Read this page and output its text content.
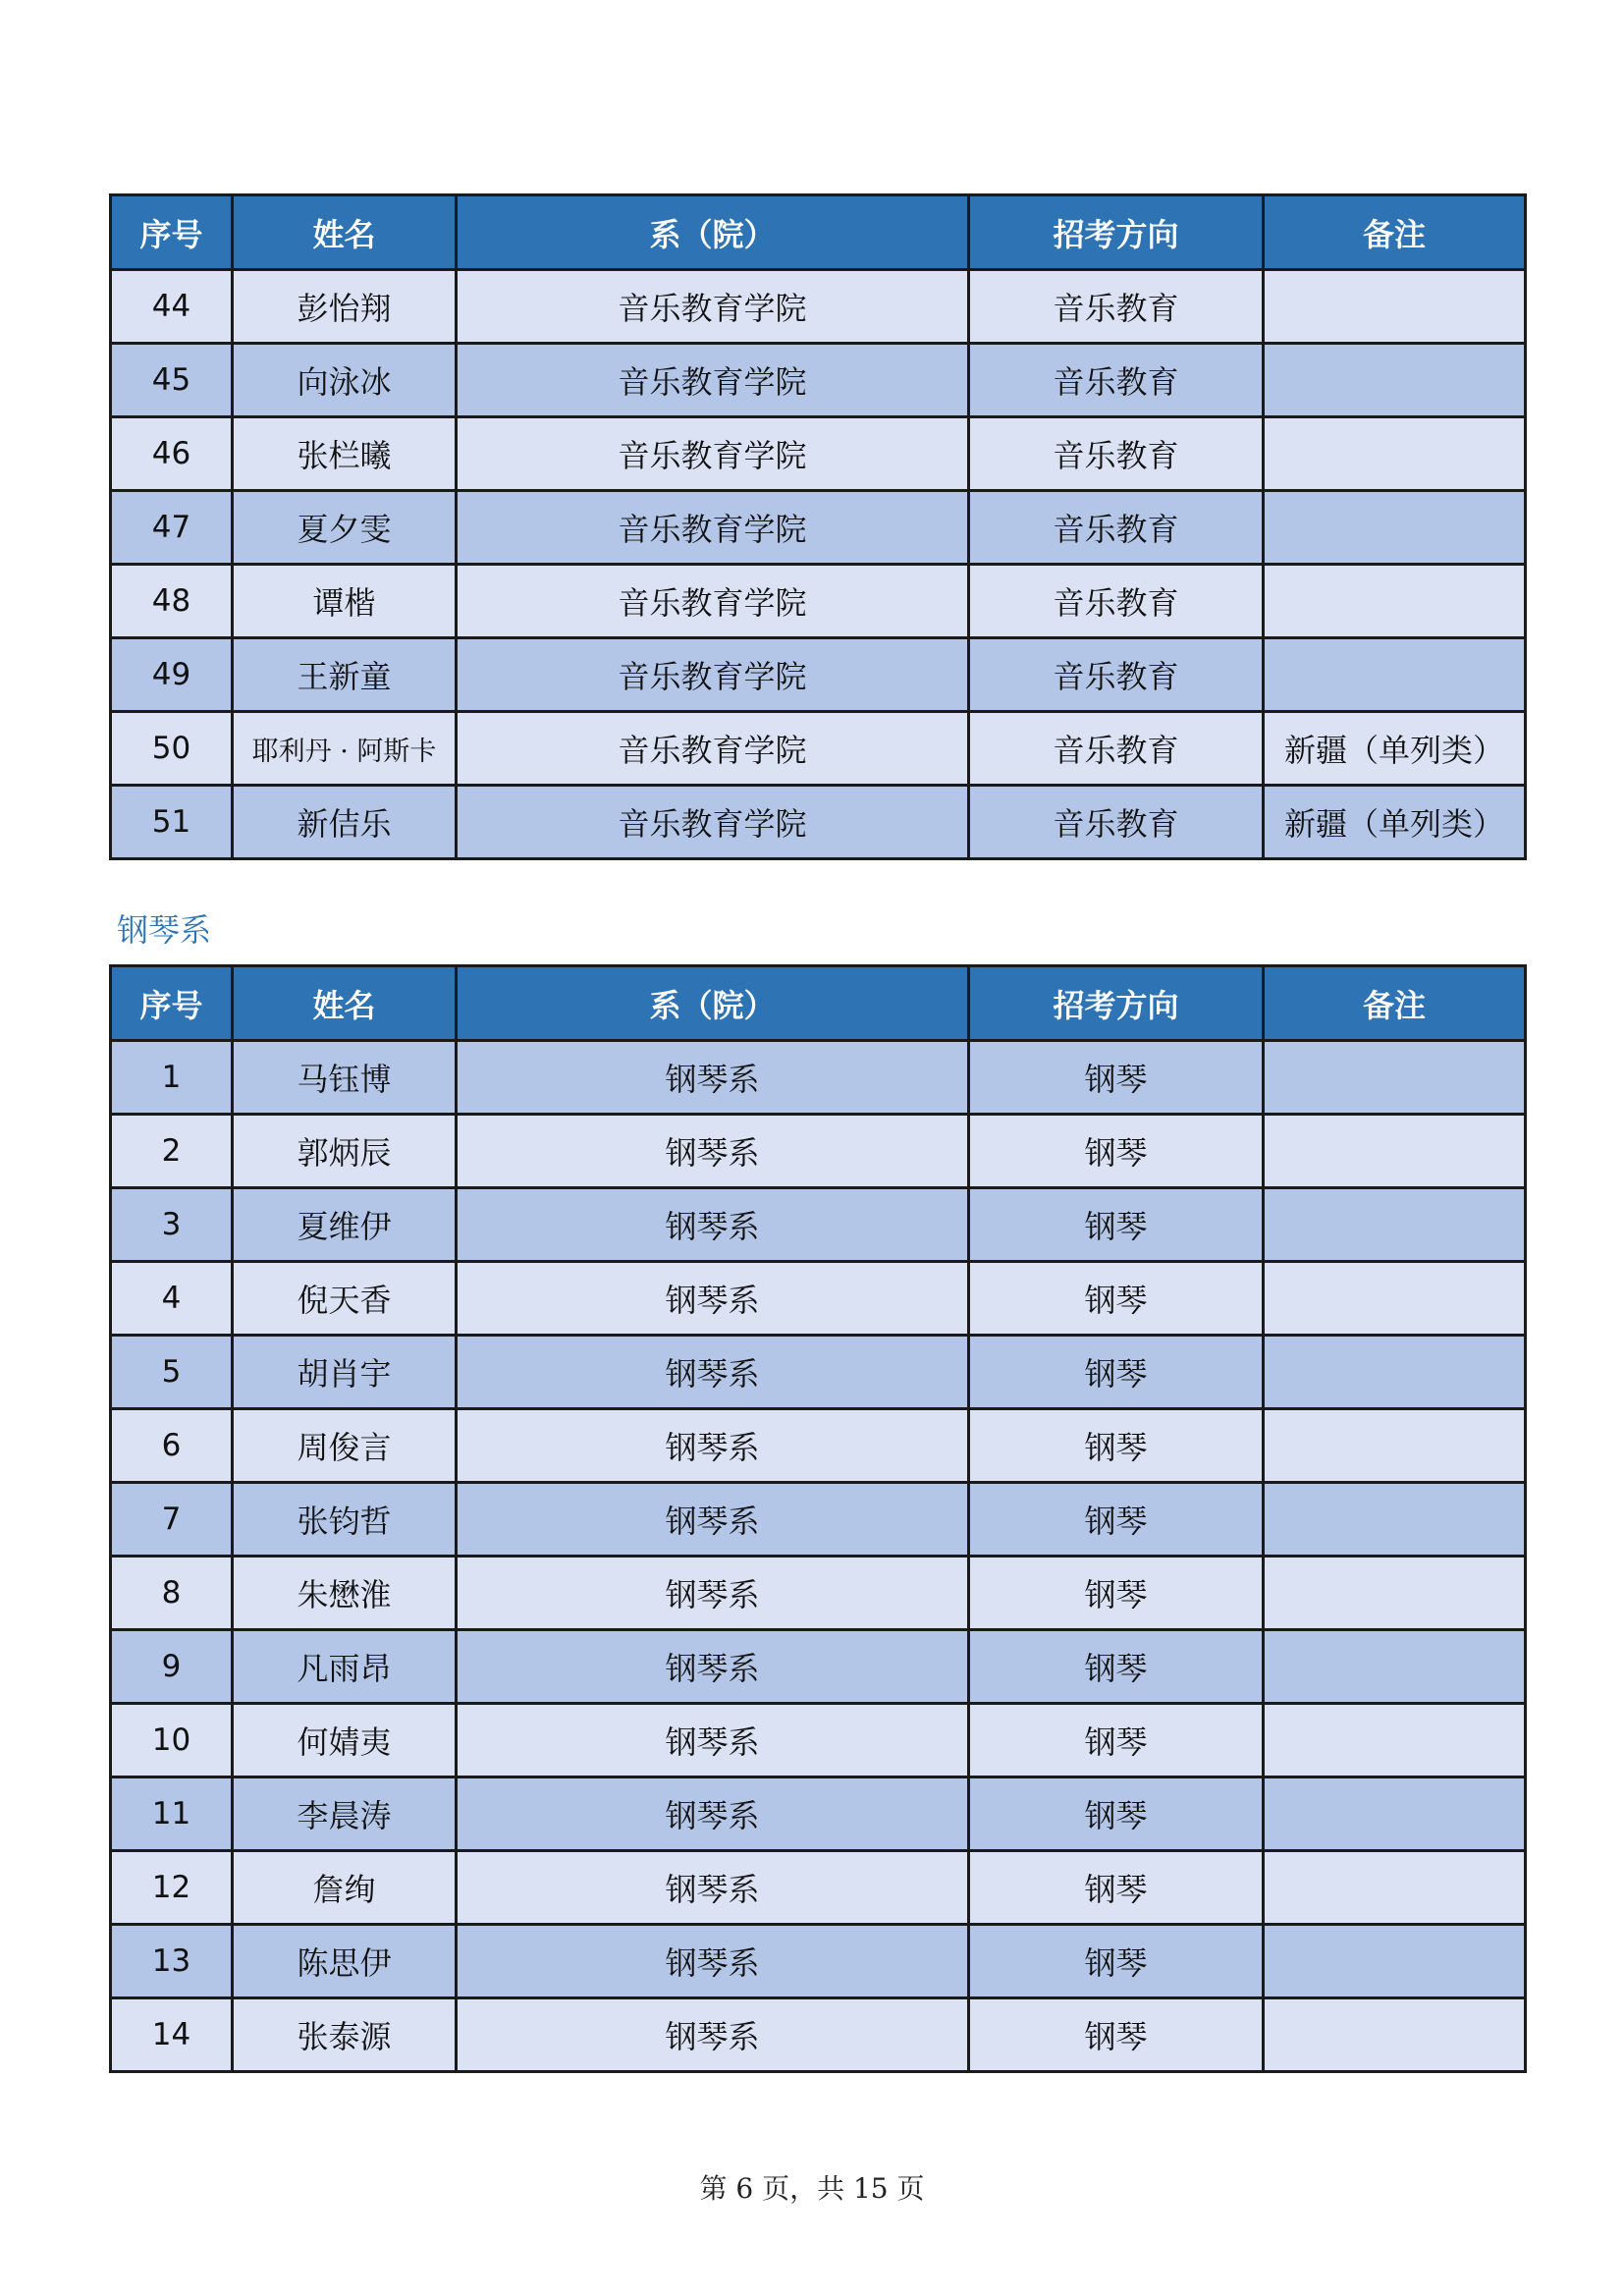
序号	姓名	系（院）	招考方向	备注
44	彭怡翔	音乐教育学院	音乐教育	
45	向泳冰	音乐教育学院	音乐教育	
46	张栏曦	音乐教育学院	音乐教育	
47	夏夕雯	音乐教育学院	音乐教育	
48	谭楷	音乐教育学院	音乐教育	
49	王新童	音乐教育学院	音乐教育	
50	耶利丹 · 阿斯卡	音乐教育学院	音乐教育	新疆（单列类）
51	新佶乐	音乐教育学院	音乐教育	新疆（单列类）
钢琴系
序号	姓名	系（院）	招考方向	备注
1	马钰博	钢琴系	钢琴	
2	郭炳辰	钢琴系	钢琴	
3	夏维伊	钢琴系	钢琴	
4	倪天香	钢琴系	钢琴	
5	胡肖宇	钢琴系	钢琴	
6	周俊言	钢琴系	钢琴	
7	张钧哲	钢琴系	钢琴	
8	朱懋淮	钢琴系	钢琴	
9	凡雨昂	钢琴系	钢琴	
10	何婧夷	钢琴系	钢琴	
11	李晨涛	钢琴系	钢琴	
12	詹绚	钢琴系	钢琴	
13	陈思伊	钢琴系	钢琴	
14	张泰源	钢琴系	钢琴	
第 6 页，共 15 页
